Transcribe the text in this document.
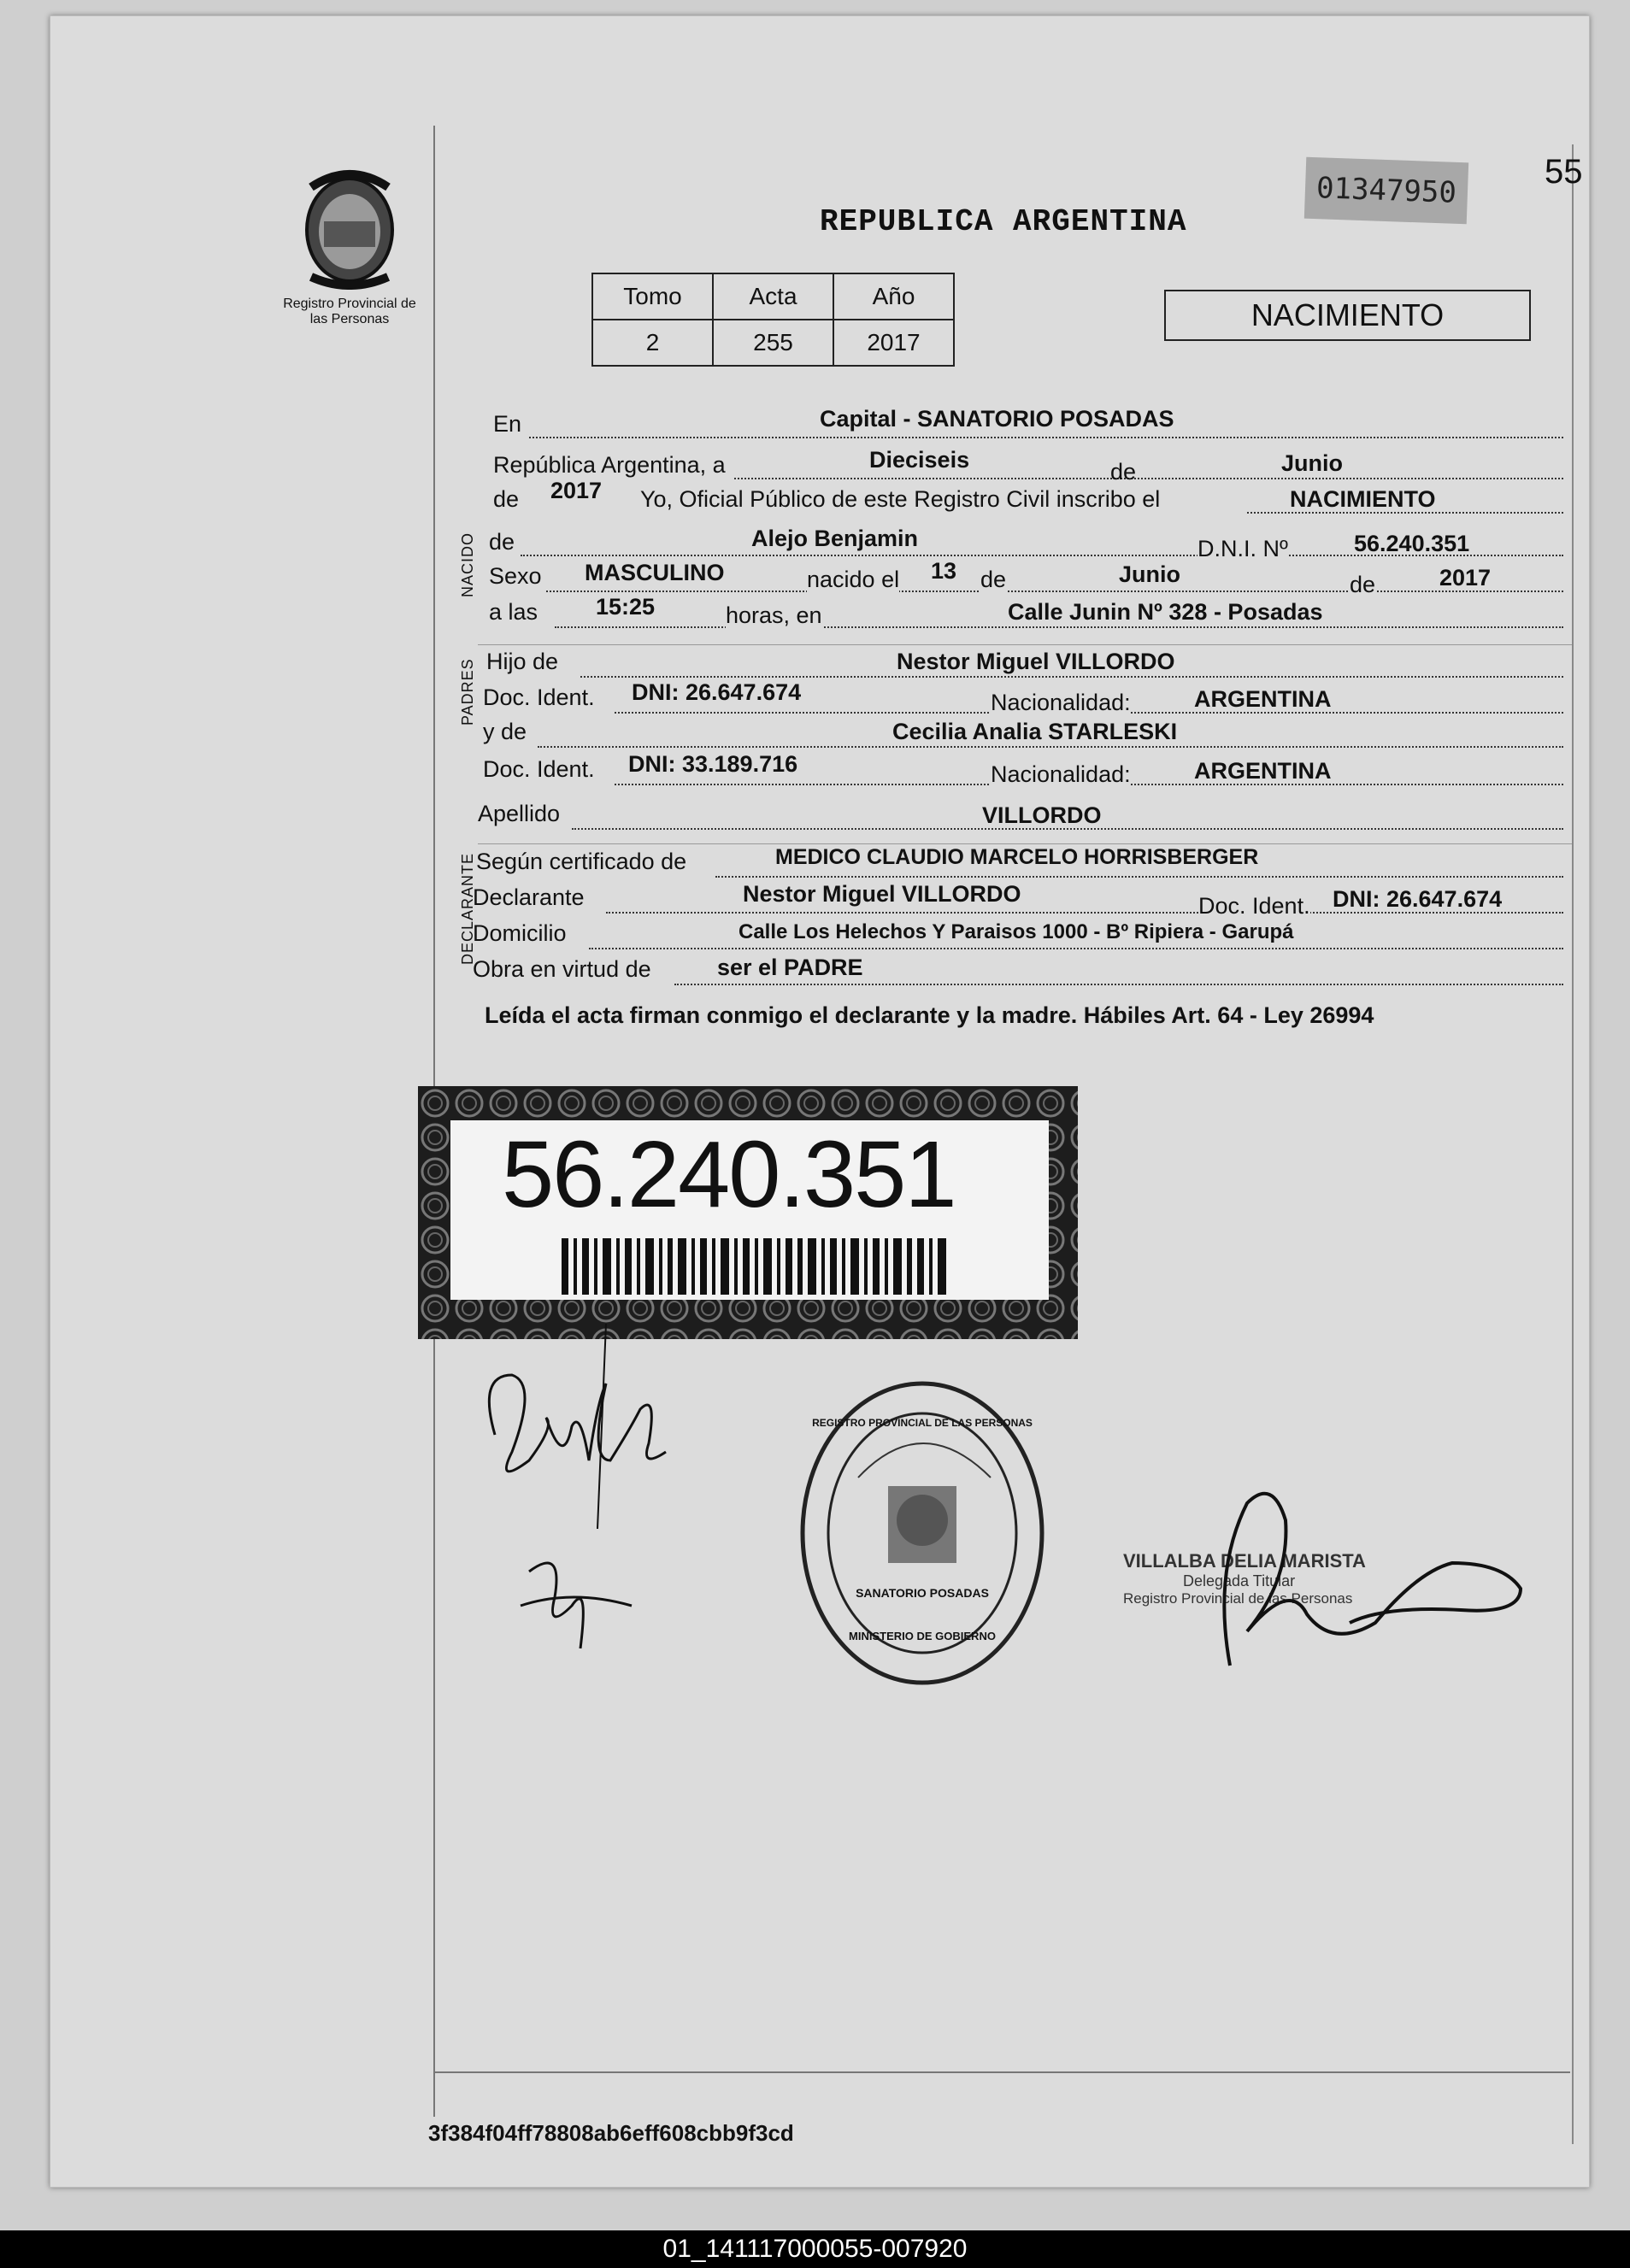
Registro Provincial de las Personas
REPUBLICA ARGENTINA
01347950	55
Tomo	Acta	Año
2	255	2017
NACIMIENTO
En	Capital - SANATORIO POSADAS
República Argentina, a	Dieciseis	de	Junio
de 2017 Yo, Oficial Público de este Registro Civil inscribo el	NACIMIENTO
NACIDO de	Alejo Benjamin	D.N.I. Nº	56.240.351
Sexo MASCULINO	nacido el 13 de	Junio	de	2017
a las	15:25	horas, en	Calle Junin Nº 328 - Posadas
PADRES Hijo de	Nestor Miguel VILLORDO
Doc. Ident. DNI: 26.647.674	Nacionalidad:	ARGENTINA
y de	Cecilia Analia STARLESKI
Doc. Ident. DNI: 33.189.716	Nacionalidad:	ARGENTINA
Apellido	VILLORDO
DECLARANTE Según certificado de	MEDICO CLAUDIO MARCELO HORRISBERGER
Declarante	Nestor Miguel VILLORDO	Doc. Ident. DNI: 26.647.674
Domicilio	Calle Los Helechos Y Paraisos 1000 - Bº Ripiera - Garupá
Obra en virtud de	ser el PADRE
Leída el acta firman conmigo el declarante y la madre. Hábiles Art. 64 - Ley 26994
56.240.351
SANATORIO POSADAS
MINISTERIO DE GOBIERNO
REGISTRO PROVINCIAL DE LAS PERSONAS
VILLALBA DELIA MARISTA
Delegada Titular
Registro Provincial de las Personas
3f384f04ff78808ab6eff608cbb9f3cd
01_141117000055-007920
